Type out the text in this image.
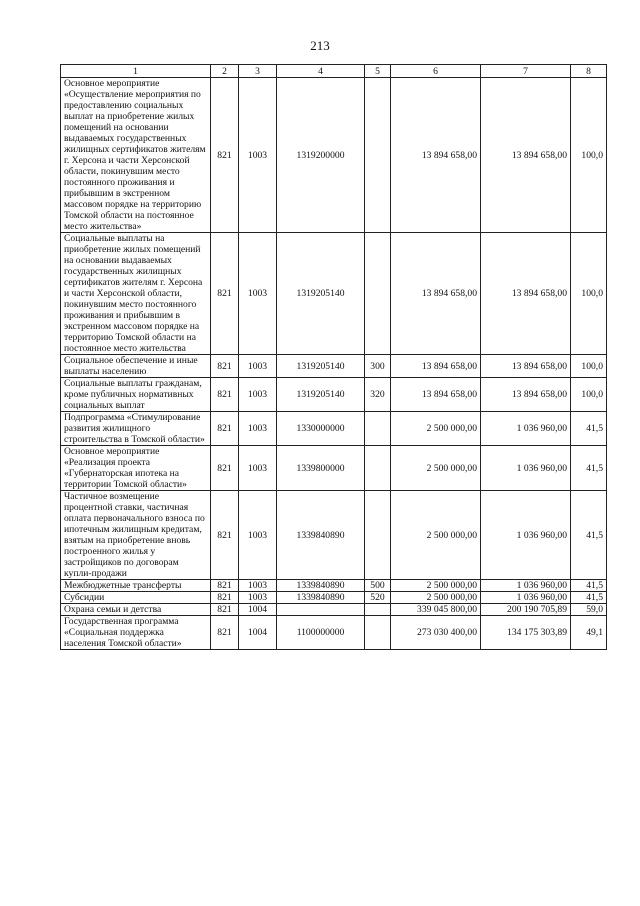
213
1	2	3	4	5	6	7	8
Основное мероприятие «Осуществление мероприятия по предоставлению социальных выплат на приобретение жилых помещений на основании выдаваемых государственных жилищных сертификатов жителям г. Херсона и части Херсонской области, покинувшим место постоянного проживания и прибывшим в экстренном массовом порядке на территорию Томской области на постоянное место жительства»	821	1003	1319200000		13 894 658,00	13 894 658,00	100,0
Социальные выплаты на приобретение жилых помещений на основании выдаваемых государственных жилищных сертификатов жителям г. Херсона и части Херсонской области, покинувшим место постоянного проживания и прибывшим в экстренном массовом порядке на территорию Томской области на постоянное место жительства	821	1003	1319205140		13 894 658,00	13 894 658,00	100,0
Социальное обеспечение и иные выплаты населению	821	1003	1319205140	300	13 894 658,00	13 894 658,00	100,0
Социальные выплаты гражданам, кроме публичных нормативных социальных выплат	821	1003	1319205140	320	13 894 658,00	13 894 658,00	100,0
Подпрограмма «Стимулирование развития жилищного строительства в Томской области»	821	1003	1330000000		2 500 000,00	1 036 960,00	41,5
Основное мероприятие «Реализация проекта «Губернаторская ипотека на территории Томской области»	821	1003	1339800000		2 500 000,00	1 036 960,00	41,5
Частичное возмещение процентной ставки, частичная оплата первоначального взноса по ипотечным жилищным кредитам, взятым на приобретение вновь построенного жилья у застройщиков по договорам купли-продажи	821	1003	1339840890		2 500 000,00	1 036 960,00	41,5
Межбюджетные трансферты	821	1003	1339840890	500	2 500 000,00	1 036 960,00	41,5
Субсидии	821	1003	1339840890	520	2 500 000,00	1 036 960,00	41,5
Охрана семьи и детства	821	1004			339 045 800,00	200 190 705,89	59,0
Государственная программа «Социальная поддержка населения Томской области»	821	1004	1100000000		273 030 400,00	134 175 303,89	49,1
